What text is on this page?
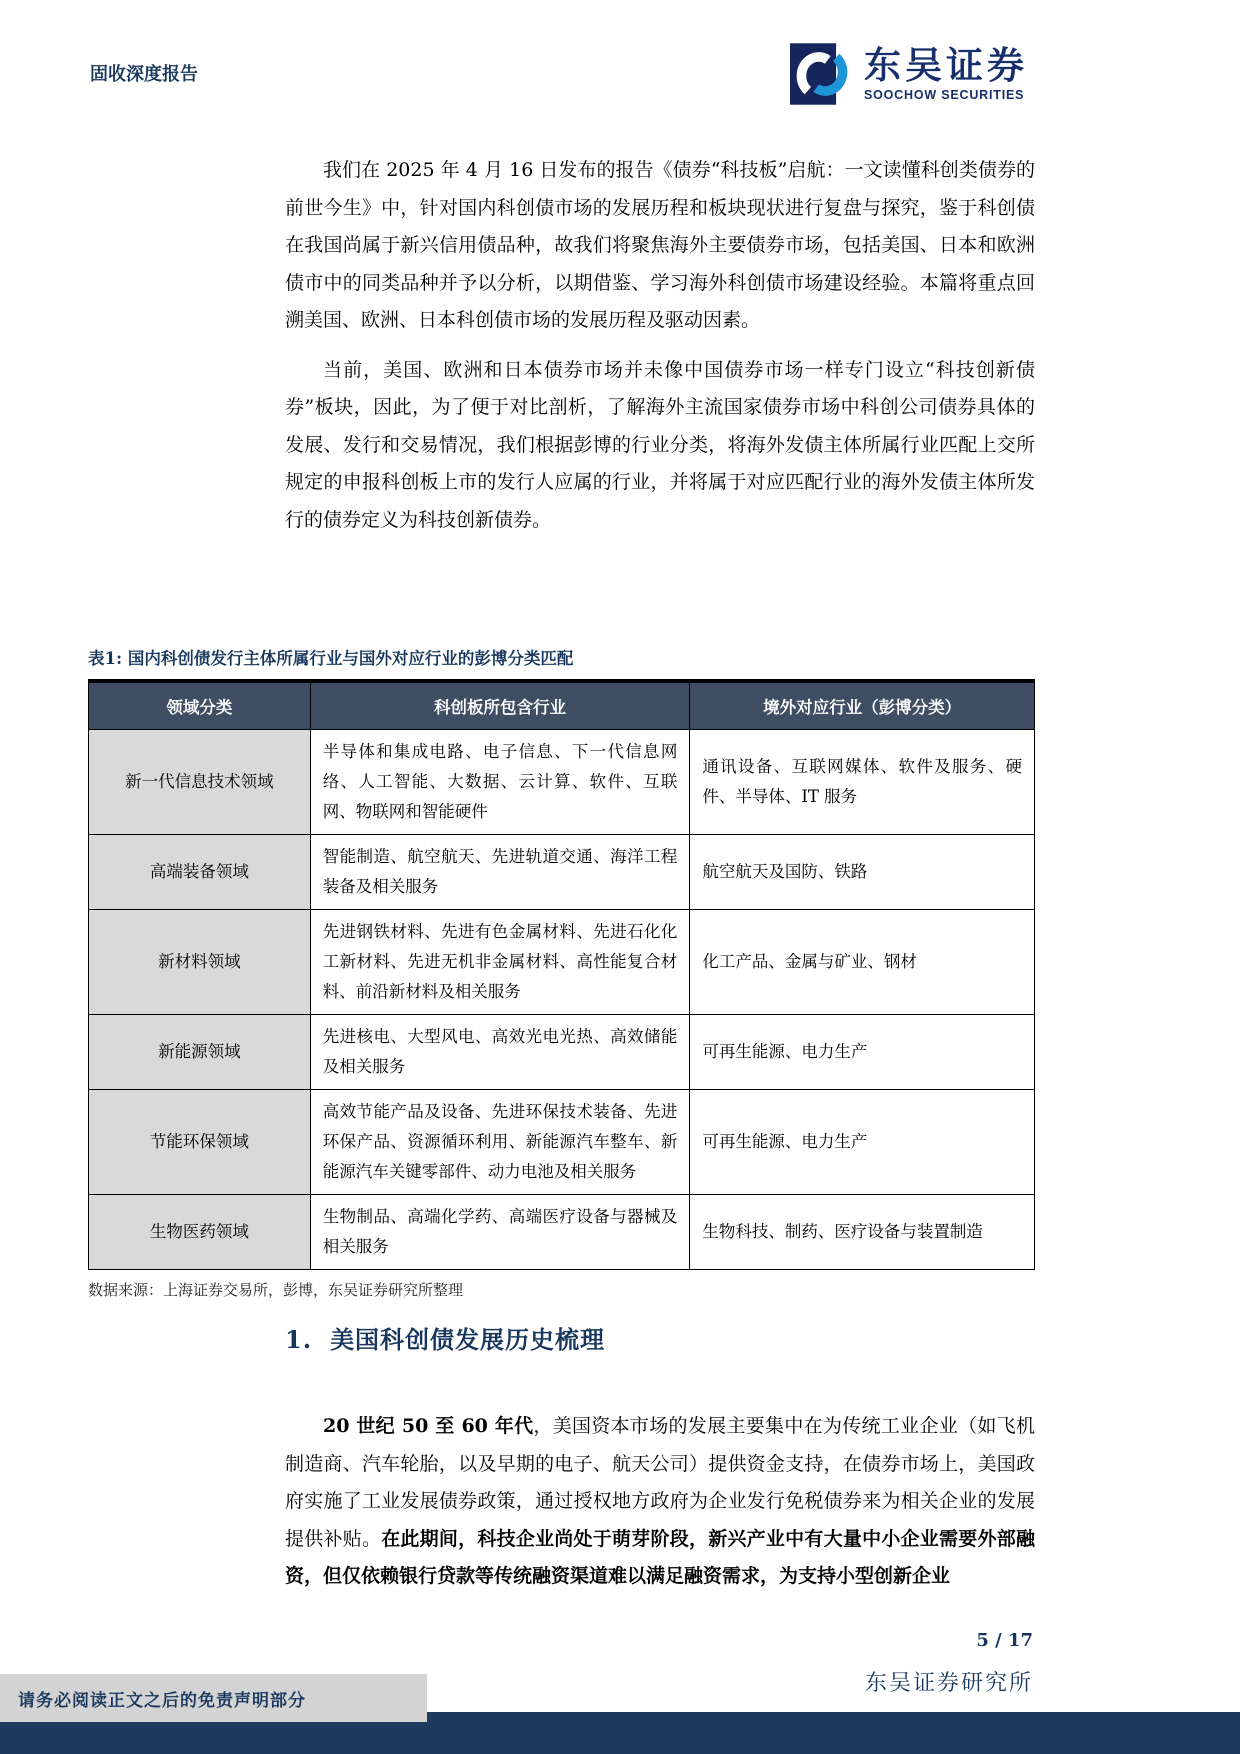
固收深度报告	东吴证券
SOOCHOW SECURITIES

我们在 2025 年 4 月 16 日发布的报告《债券“科技板”启航：一文读懂科创类债券的前世今生》中，针对国内科创债市场的发展历程和板块现状进行复盘与探究，鉴于科创债在我国尚属于新兴信用债品种，故我们将聚焦海外主要债券市场，包括美国、日本和欧洲债市中的同类品种并予以分析，以期借鉴、学习海外科创债市场建设经验。本篇将重点回溯美国、欧洲、日本科创债市场的发展历程及驱动因素。

当前，美国、欧洲和日本债券市场并未像中国债券市场一样专门设立“科技创新债券”板块，因此，为了便于对比剖析，了解海外主流国家债券市场中科创公司债券具体的发展、发行和交易情况，我们根据彭博的行业分类，将海外发债主体所属行业匹配上交所规定的申报科创板上市的发行人应属的行业，并将属于对应匹配行业的海外发债主体所发行的债券定义为科技创新债券。

表1: 国内科创债发行主体所属行业与国外对应行业的彭博分类匹配
领域分类	科创板所包含行业	境外对应行业（彭博分类）
新一代信息技术领域	半导体和集成电路、电子信息、下一代信息网络、人工智能、大数据、云计算、软件、互联网、物联网和智能硬件	通讯设备、互联网媒体、软件及服务、硬件、半导体、IT 服务
高端装备领域	智能制造、航空航天、先进轨道交通、海洋工程装备及相关服务	航空航天及国防、铁路
新材料领域	先进钢铁材料、先进有色金属材料、先进石化化工新材料、先进无机非金属材料、高性能复合材料、前沿新材料及相关服务	化工产品、金属与矿业、钢材
新能源领域	先进核电、大型风电、高效光电光热、高效储能及相关服务	可再生能源、电力生产
节能环保领域	高效节能产品及设备、先进环保技术装备、先进环保产品、资源循环利用、新能源汽车整车、新能源汽车关键零部件、动力电池及相关服务	可再生能源、电力生产
生物医药领域	生物制品、高端化学药、高端医疗设备与器械及相关服务	生物科技、制药、医疗设备与装置制造
数据来源：上海证券交易所，彭博，东吴证券研究所整理
1. 美国科创债发展历史梳理

20 世纪 50 至 60 年代，美国资本市场的发展主要集中在为传统工业企业（如飞机制造商、汽车轮胎，以及早期的电子、航天公司）提供资金支持，在债券市场上，美国政府实施了工业发展债券政策，通过授权地方政府为企业发行免税债券来为相关企业的发展提供补贴。在此期间，科技企业尚处于萌芽阶段，新兴产业中有大量中小企业需要外部融资，但仅依赖银行贷款等传统融资渠道难以满足融资需求，为支持小型创新企业

5 / 17
东吴证券研究所
请务必阅读正文之后的免责声明部分
